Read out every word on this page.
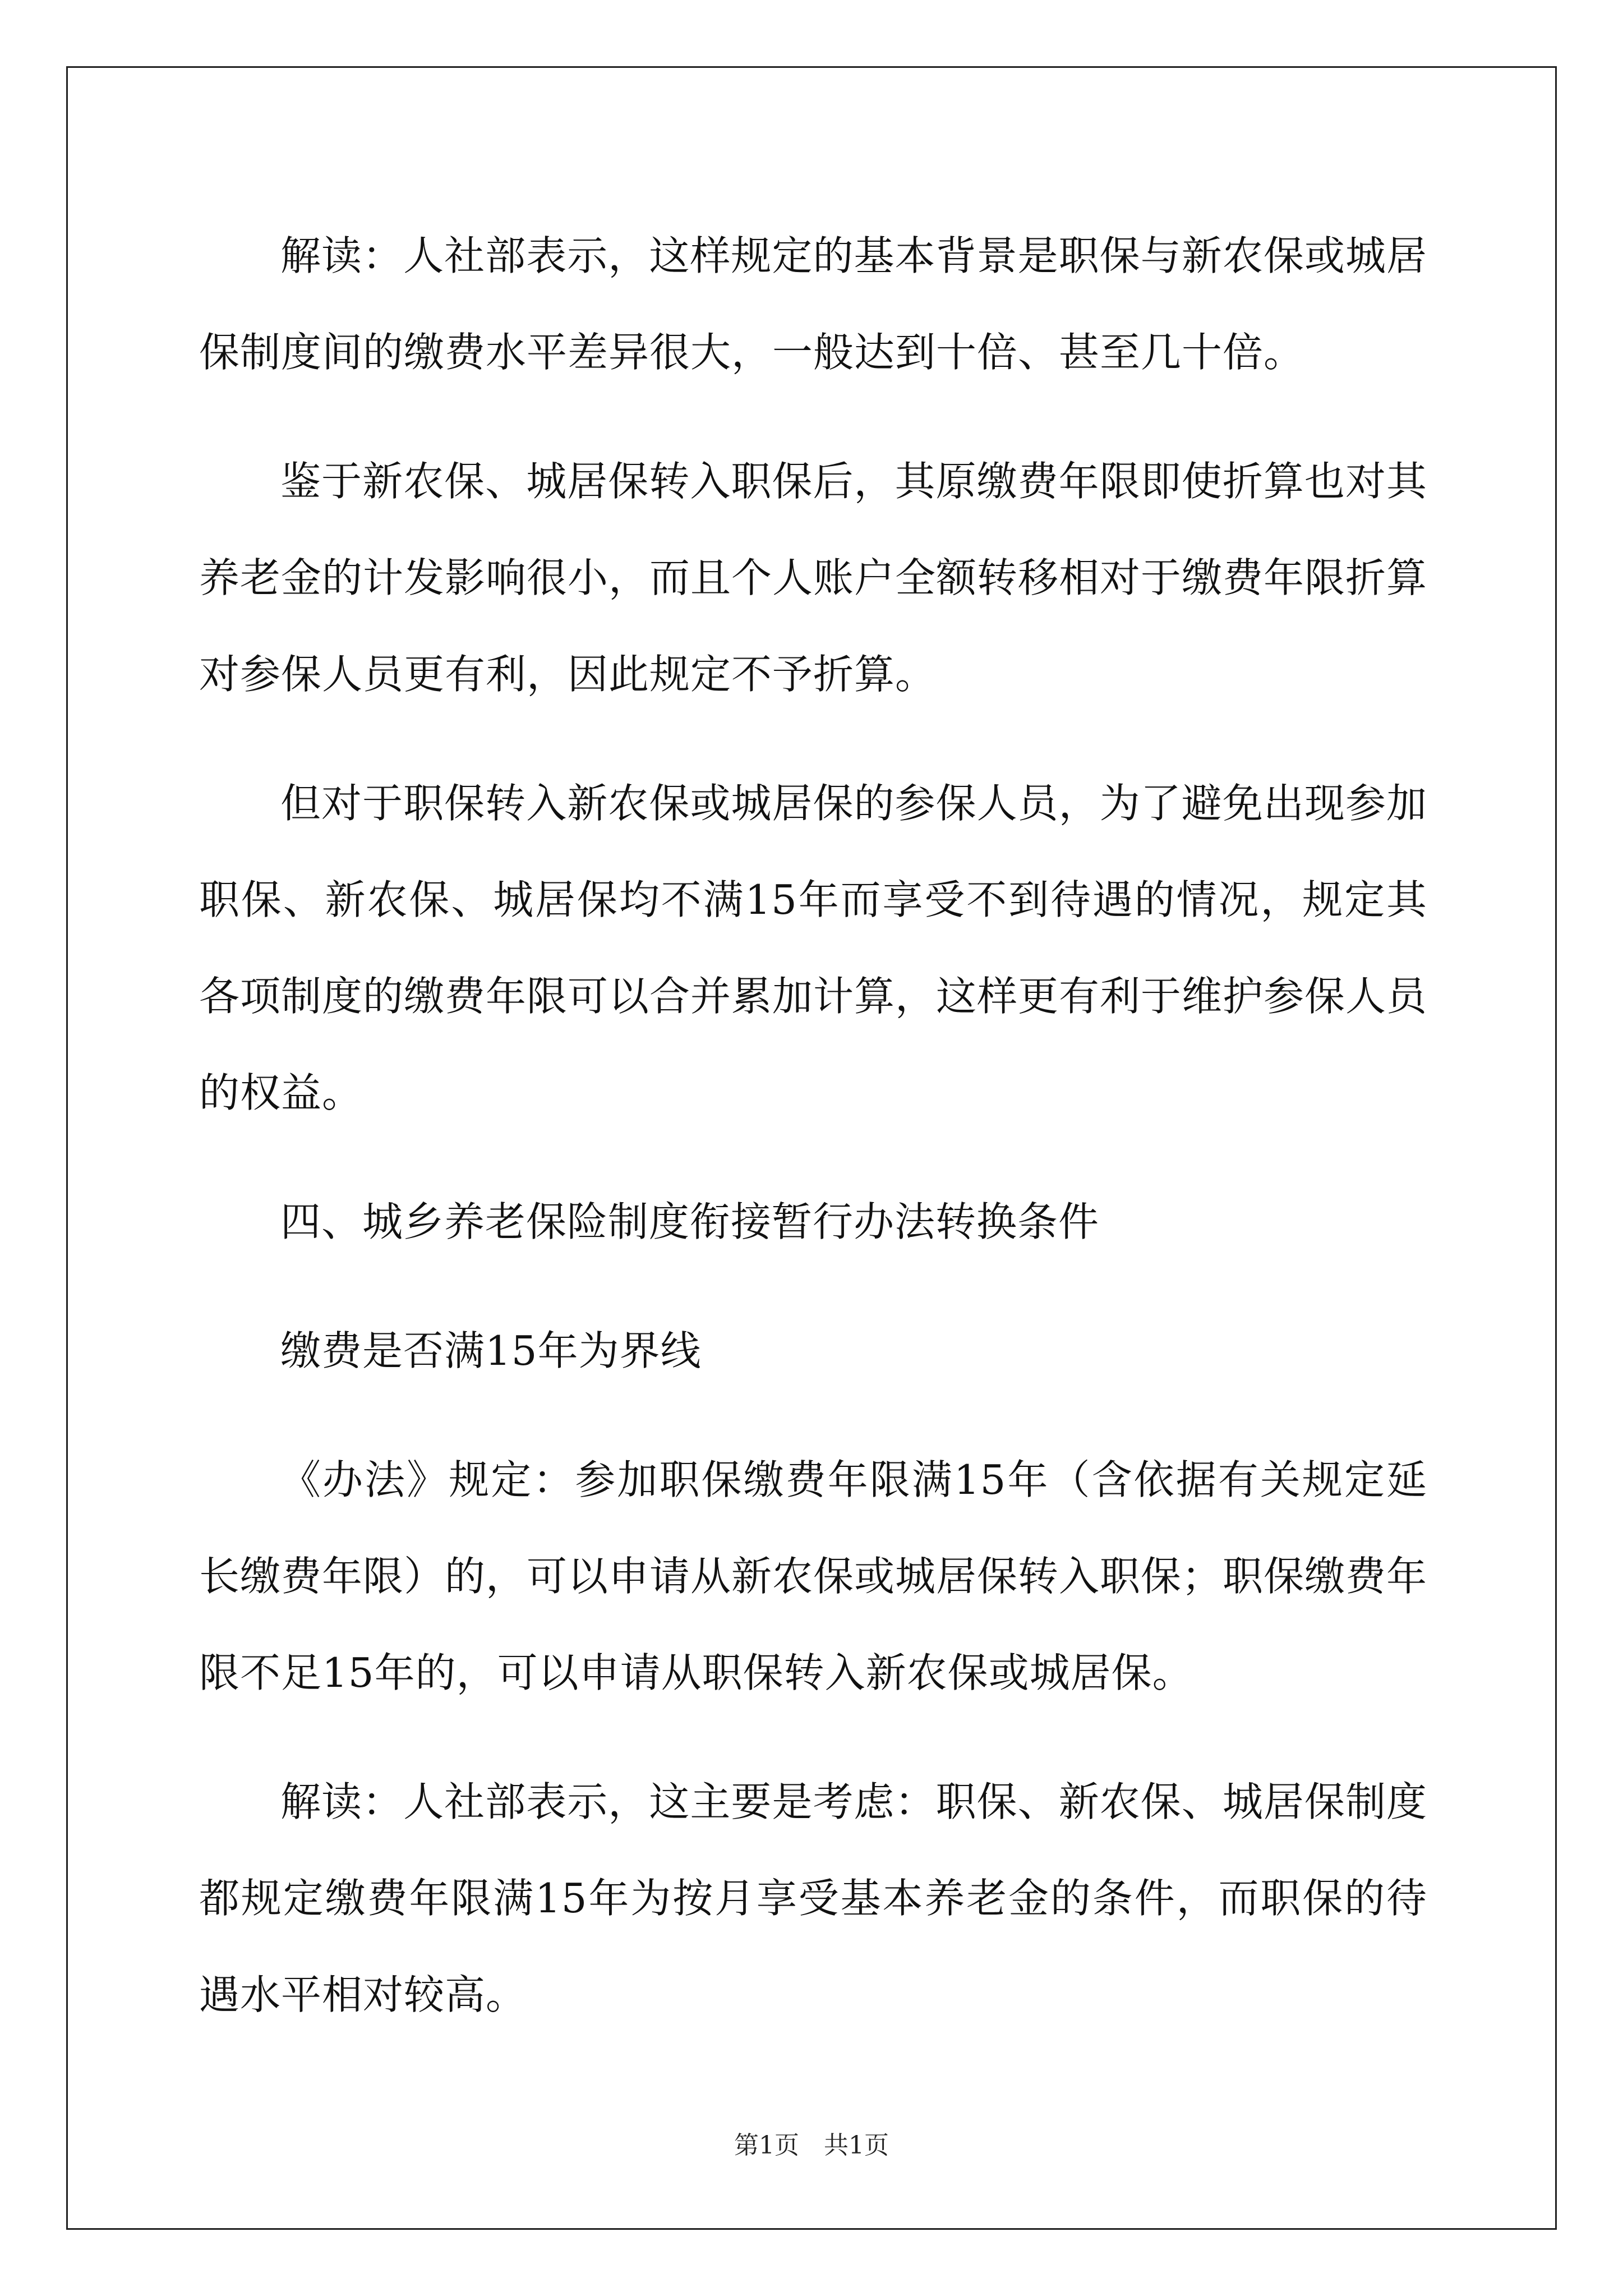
解读：人社部表示，这样规定的基本背景是职保与新农保或城居保制度间的缴费水平差异很大，一般达到十倍、甚至几十倍。

鉴于新农保、城居保转入职保后，其原缴费年限即使折算也对其养老金的计发影响很小，而且个人账户全额转移相对于缴费年限折算对参保人员更有利，因此规定不予折算。

但对于职保转入新农保或城居保的参保人员，为了避免出现参加职保、新农保、城居保均不满15年而享受不到待遇的情况，规定其各项制度的缴费年限可以合并累加计算，这样更有利于维护参保人员的权益。

四、城乡养老保险制度衔接暂行办法转换条件

缴费是否满15年为界线

《办法》规定：参加职保缴费年限满15年（含依据有关规定延长缴费年限）的，可以申请从新农保或城居保转入职保；职保缴费年限不足15年的，可以申请从职保转入新农保或城居保。

解读：人社部表示，这主要是考虑：职保、新农保、城居保制度都规定缴费年限满15年为按月享受基本养老金的条件，而职保的待遇水平相对较高。

第1页　共1页
